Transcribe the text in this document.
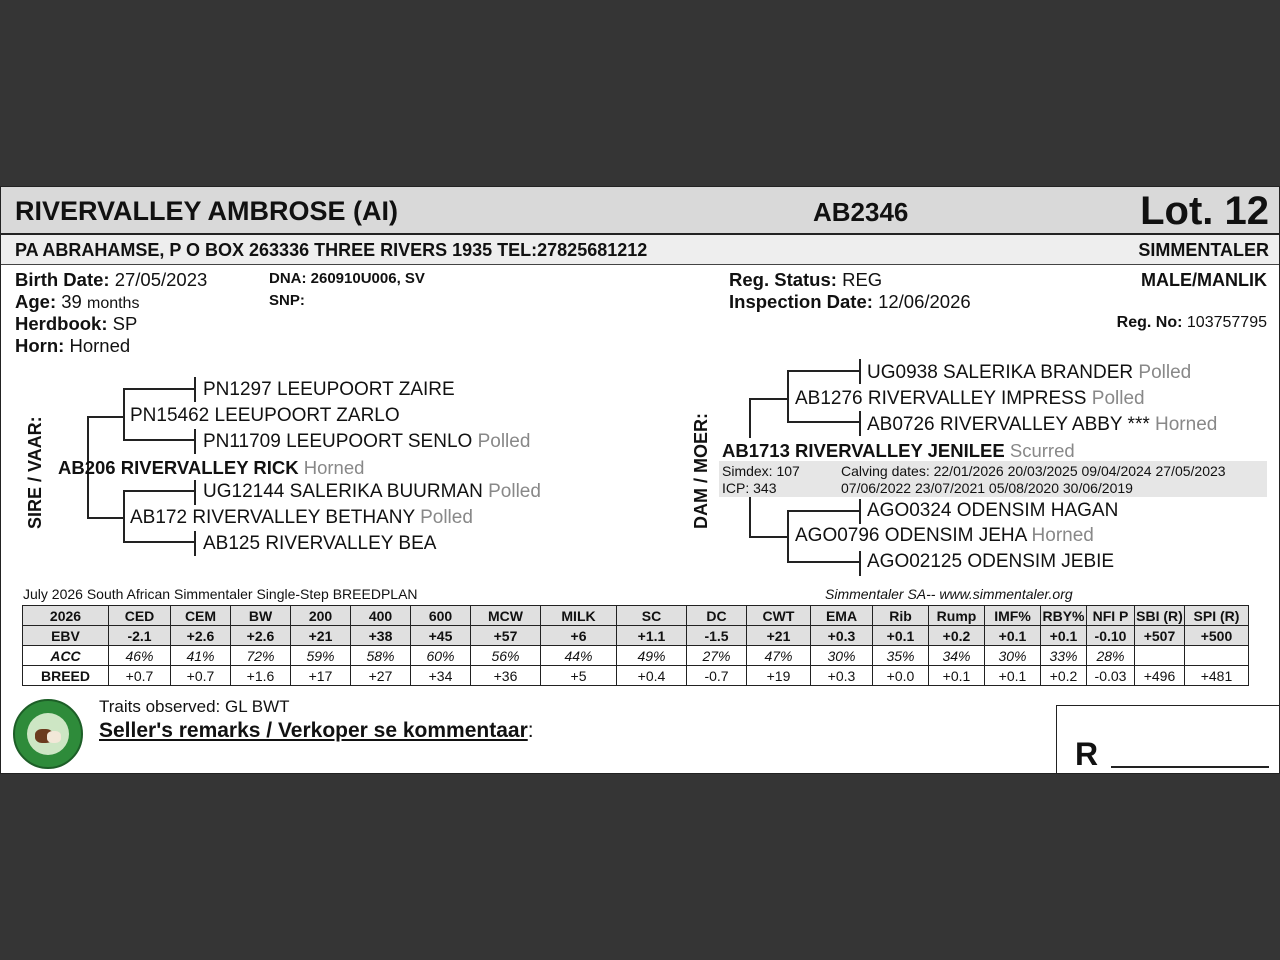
RIVERVALLEY AMBROSE (AI)	AB2346	Lot. 12
PA ABRAHAMSE, P O BOX 263336 THREE RIVERS 1935 TEL:27825681212	SIMMENTALER
Birth Date: 27/05/2023
Age: 39 months
Herdbook: SP
Horn: Horned
DNA: 260910U006, SV
SNP:
Reg. Status: REG
Inspection Date: 12/06/2026
MALE/MANLIK
Reg. No: 103757795
SIRE / VAAR:
PN1297 LEEUPOORT ZAIRE
PN15462 LEEUPOORT ZARLO
PN11709 LEEUPOORT SENLO Polled
AB206 RIVERVALLEY RICK Horned
UG12144 SALERIKA BUURMAN Polled
AB172 RIVERVALLEY BETHANY Polled
AB125 RIVERVALLEY BEA
DAM / MOER:
UG0938 SALERIKA BRANDER Polled
AB1276 RIVERVALLEY IMPRESS Polled
AB0726 RIVERVALLEY ABBY *** Horned
AB1713 RIVERVALLEY JENILEE Scurred
Simdex: 107
ICP: 343
Calving dates: 22/01/2026 20/03/2025 09/04/2024 27/05/2023
07/06/2022 23/07/2021 05/08/2020 30/06/2019
AGO0324 ODENSIM HAGAN
AGO0796 ODENSIM JEHA Horned
AGO02125 ODENSIM JEBIE
July 2026 South African Simmentaler Single-Step BREEDPLAN	Simmentaler SA-- www.simmentaler.org
2026	CED	CEM	BW	200	400	600	MCW	MILK	SC	DC	CWT	EMA	Rib	Rump	IMF%	RBY%	NFI P	SBI (R)	SPI (R)
EBV	-2.1	+2.6	+2.6	+21	+38	+45	+57	+6	+1.1	-1.5	+21	+0.3	+0.1	+0.2	+0.1	+0.1	-0.10	+507	+500
ACC	46%	41%	72%	59%	58%	60%	56%	44%	49%	27%	47%	30%	35%	34%	30%	33%	28%		
BREED	+0.7	+0.7	+1.6	+17	+27	+34	+36	+5	+0.4	-0.7	+19	+0.3	+0.0	+0.1	+0.1	+0.2	-0.03	+496	+481
Traits observed: GL BWT
Seller's remarks / Verkoper se kommentaar:
R
